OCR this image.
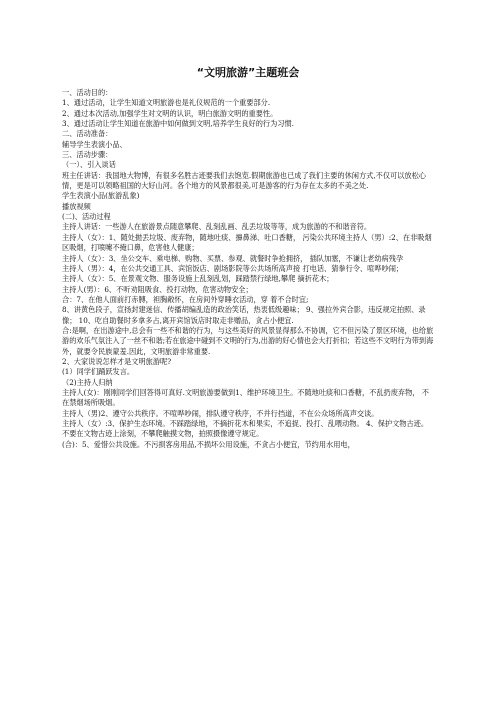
“文明旅游”主题班会

一、活动目的：

1、通过活动，让学生知道文明旅游也是礼仪规范的一个重要部分.

2、通过本次活动,加强学生对文明的认识，明白旅游文明的重要性。

3、通过活动让学生知道在旅游中如何做到文明,培养学生良好的行为习惯.

二、活动准备：

辅导学生表演小品、

三、活动步骤：

（一）、引入谈话

班主任讲话：我国地大物博，有很多名胜古迹要我们去饱览.假期旅游也已成了我们主要的休闲方式,不仅可以放松心情，更是可以领略祖国的大好山河。各个地方的风景都很美,可是游客的行为存在太多的不美之处.

学生表演小品(旅游乱象)

播放视频

(二)、活动过程

主持人讲话：一些游人在旅游景点随意攀爬、乱刻乱画、乱丢垃圾等等，成为旅游的不和谐音符。

主持人（女）：1、随处拋丢垃圾、废弃物，随地吐痰、擤鼻涕、吐口香糖， 污染公共环境主持人（男）:2、在非吸烟区吸烟，打喷嚏不掩口鼻，危害他人健康；

主持人（女）：3、坐公交车、乘电梯、购物、买票、参观、就餐时争抢拥挤， 插队加塞，不谦让老幼病残孕

主持人（男）：4，在公共交通工具、宾馆饭店、剧场影院等公共场所高声接 打电话、猜拳行令、喧哗吵闹；

主持人（女）：5、在景观文物、服务设施上乱刻乱划，踩踏禁行绿地,攀爬 摘折花木；

主持人(男）：6、不听劝阻吸食、投打动物，危害动物安全；

合：7、在他人面前打赤膊，袒胸敞怀，在房间外穿睡衣活动，穿 着不合时宜;

8、讲黄色段子，宣扬封建迷信、传播胡编乱造的政治笑话，热衷低级趣味； 9、强拉外宾合影，违反规定拍照、录像； 10、吃自助餐时多拿多占,离开宾馆饭店时取走非赠品，贪占小便宜.

合:是啊，在出游途中,总会有一些不和谐的行为，与这些美好的风景显得那么不协调，它不但污染了景区环境，也给旅游的欢乐气氛注入了一丝不和谐;若在旅途中碰到不文明的行为,出游的好心情也会大打折扣；若这些不文明行为带到海外，就要令民族蒙羞.因此，文明旅游非常重要.

2、大家说说怎样才是文明旅游呢?

(1）同学们踊跃发言。

（2)主持人归纳

主持人(女)：刚刚同学们回答得可真好.文明旅游要做到1、维护环境卫生。不随地吐痰和口香糖，不乱扔废弃物， 不在禁烟场所吸烟。

主持人（男)2、遵守公共秩序。不喧哗吵闹，排队遵守秩序，不并行挡道，不在公众场所高声交谈。

主持人（女）:3、保护生态环境。不踩踏绿地，不摘折花木和果实，不追捉、投打、乱喂动物。 4、保护文物古迹。不要在文物古迹上涂刻，不攀爬触摸文物，拍照摄像遵守规定。

(合)：5、爱惜公共设施。不污损客房用品,不损坏公用设施，不贪占小便宜，节约用水用电，
